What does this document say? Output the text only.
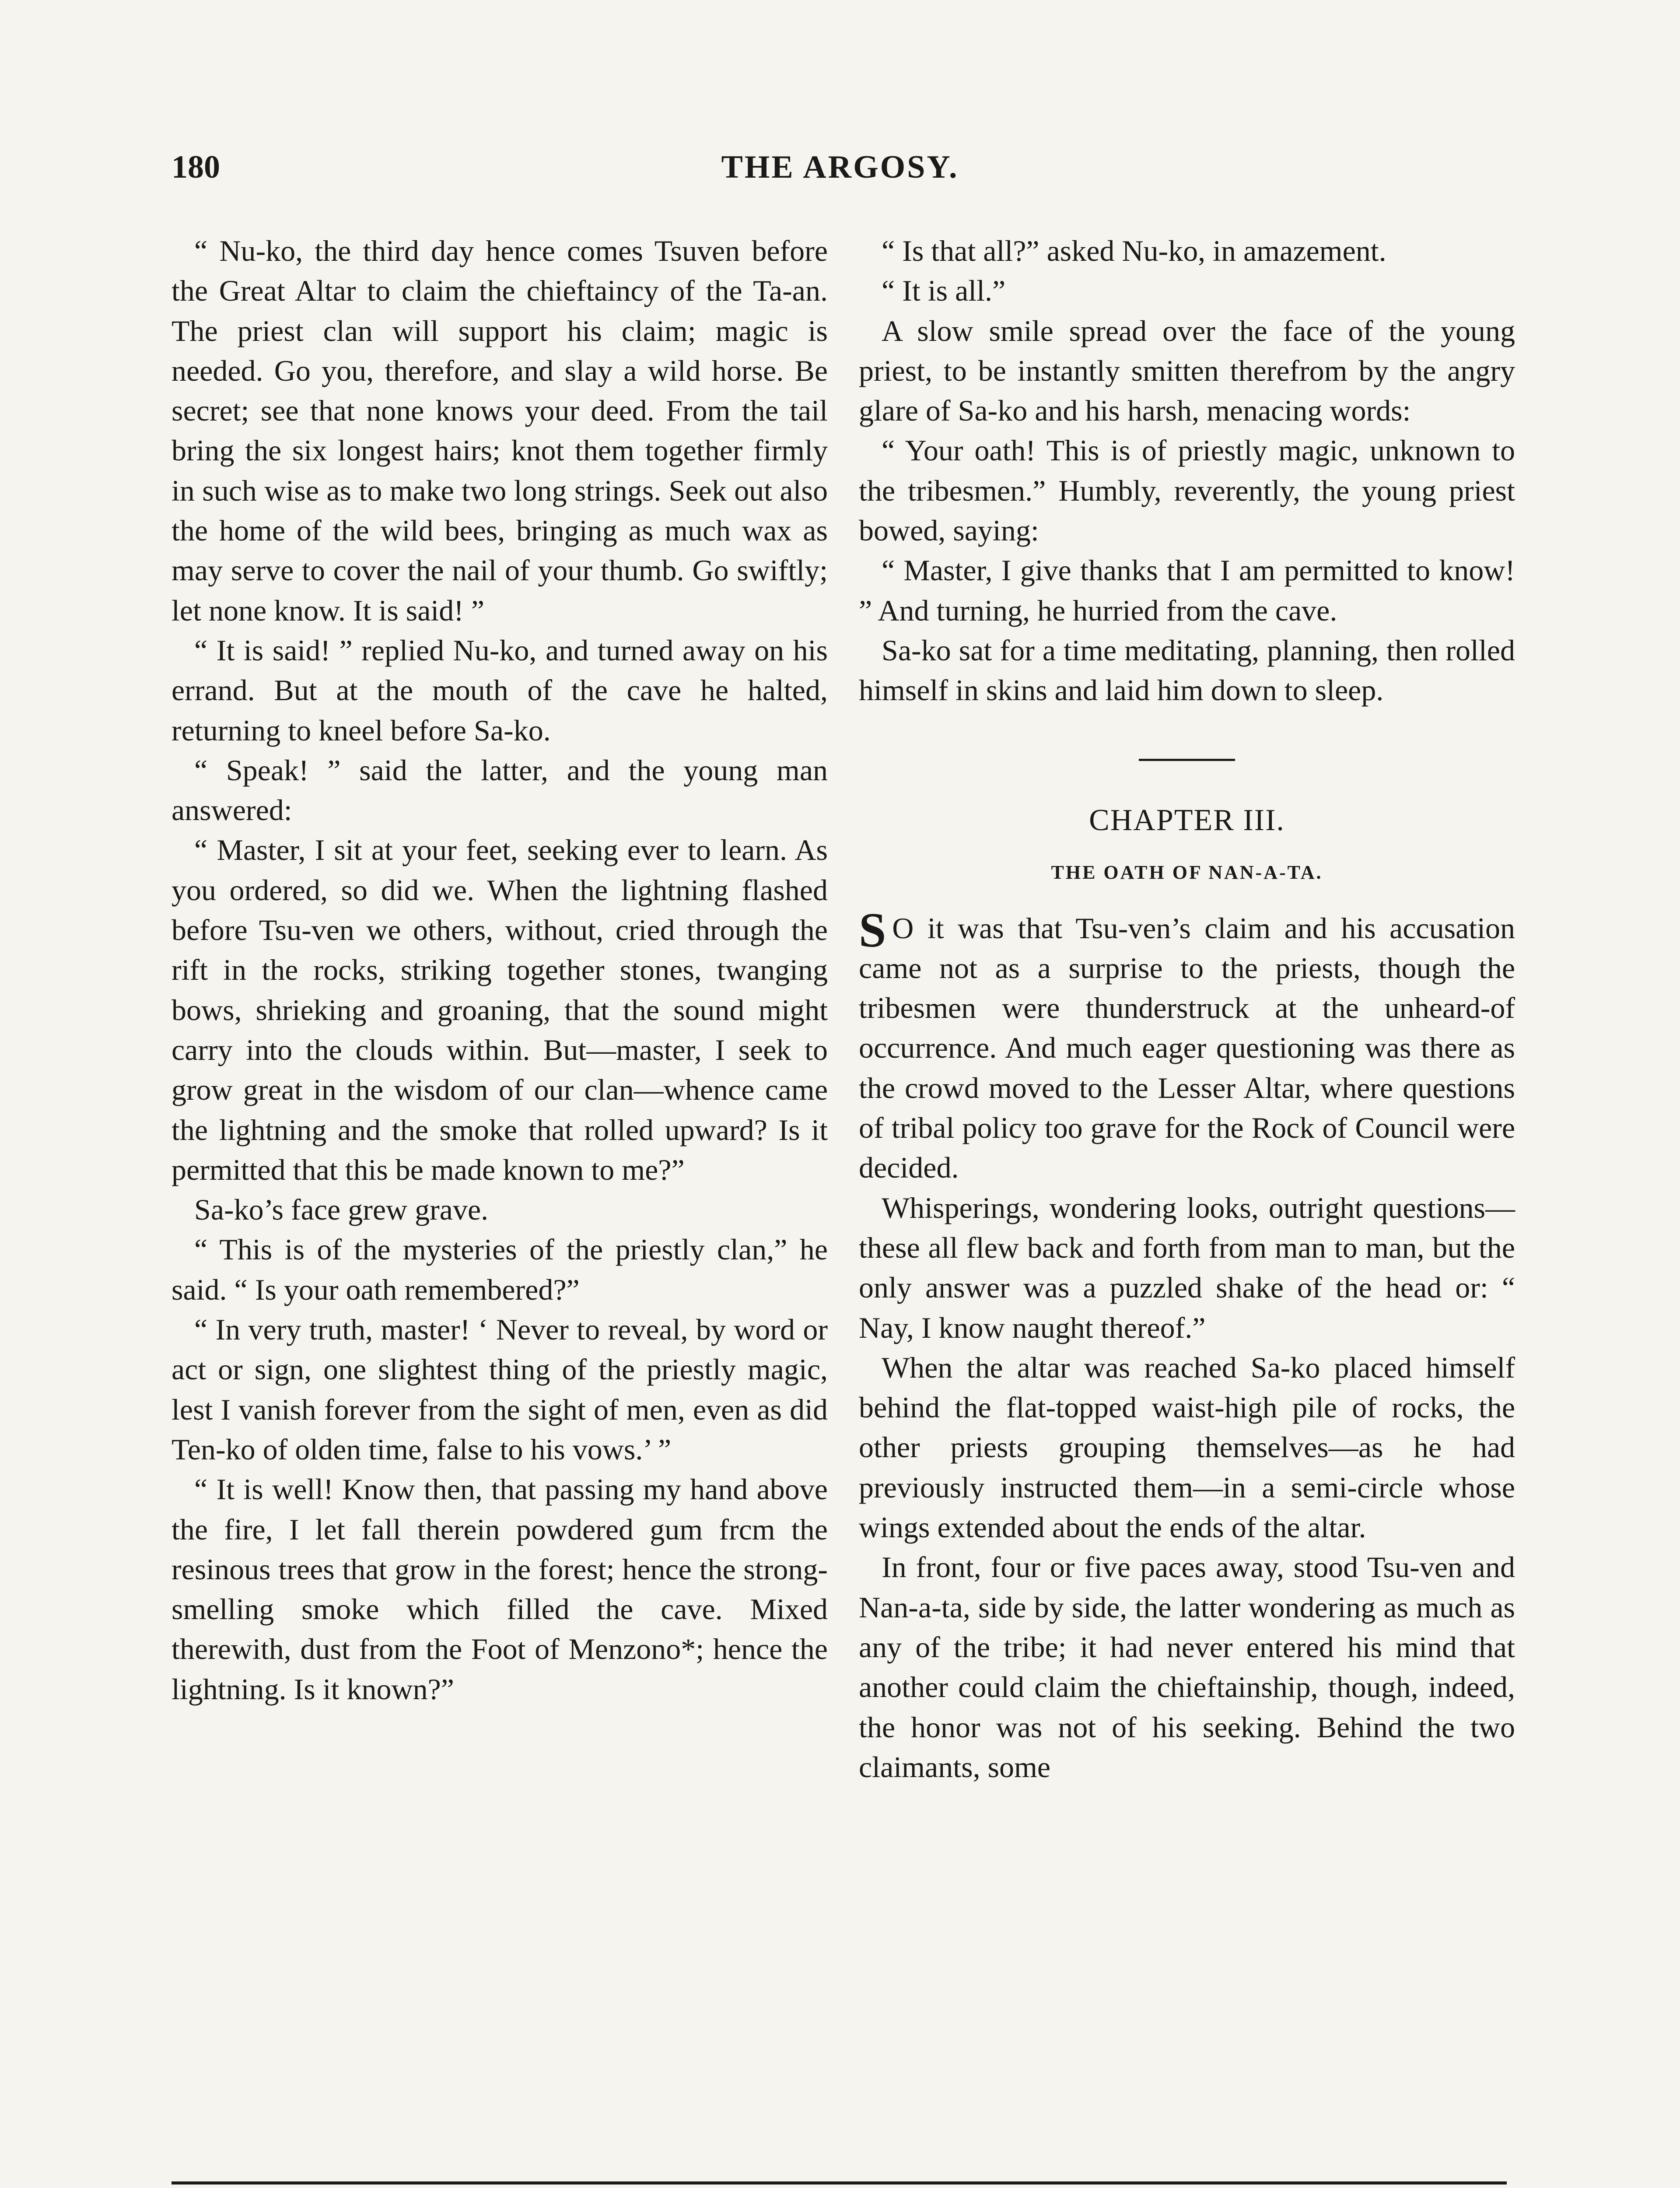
180	THE ARGOSY.

“ Nu-ko, the third day hence comes Tsuven before the Great Altar to claim the chieftaincy of the Ta-an. The priest clan will support his claim; magic is needed. Go you, therefore, and slay a wild horse. Be secret; see that none knows your deed. From the tail bring the six longest hairs; knot them together firmly in such wise as to make two long strings. Seek out also the home of the wild bees, bringing as much wax as may serve to cover the nail of your thumb. Go swiftly; let none know. It is said! ”

“ It is said! ” replied Nu-ko, and turned away on his errand. But at the mouth of the cave he halted, returning to kneel before Sa-ko.

“ Speak! ” said the latter, and the young man answered:

“ Master, I sit at your feet, seeking ever to learn. As you ordered, so did we. When the lightning flashed before Tsu-ven we others, without, cried through the rift in the rocks, striking together stones, twanging bows, shrieking and groaning, that the sound might carry into the clouds within. But—master, I seek to grow great in the wisdom of our clan—whence came the lightning and the smoke that rolled upward? Is it permitted that this be made known to me?”

Sa-ko’s face grew grave.

“ This is of the mysteries of the priestly clan,” he said. “ Is your oath remembered?”

“ In very truth, master! ‘ Never to reveal, by word or act or sign, one slightest thing of the priestly magic, lest I vanish forever from the sight of men, even as did Ten-ko of olden time, false to his vows.’ ”

“ It is well! Know then, that passing my hand above the fire, I let fall therein powdered gum frcm the resinous trees that grow in the forest; hence the strong-smelling smoke which filled the cave. Mixed therewith, dust from the Foot of Menzono*; hence the lightning. Is it known?”

“ Is that all?” asked Nu-ko, in amazement.

“ It is all.”

A slow smile spread over the face of the young priest, to be instantly smitten therefrom by the angry glare of Sa-ko and his harsh, menacing words:

“ Your oath! This is of priestly magic, unknown to the tribesmen.” Humbly, reverently, the young priest bowed, saying:

“ Master, I give thanks that I am permitted to know! ” And turning, he hurried from the cave.

Sa-ko sat for a time meditating, planning, then rolled himself in skins and laid him down to sleep.

CHAPTER III.
THE OATH OF NAN-A-TA.

S O it was that Tsu-ven’s claim and his accusation came not as a surprise to the priests, though the tribesmen were thunderstruck at the unheard-of occurrence. And much eager questioning was there as the crowd moved to the Lesser Altar, where questions of tribal policy too grave for the Rock of Council were decided.

Whisperings, wondering looks, outright questions—these all flew back and forth from man to man, but the only answer was a puzzled shake of the head or: “ Nay, I know naught thereof.”

When the altar was reached Sa-ko placed himself behind the flat-topped waist-high pile of rocks, the other priests grouping themselves—as he had previously instructed them—in a semi-circle whose wings extended about the ends of the altar.

In front, four or five paces away, stood Tsu-ven and Nan-a-ta, side by side, the latter wondering as much as any of the tribe; it had never entered his mind that another could claim the chieftainship, though, indeed, the honor was not of his seeking. Behind the two claimants, some
